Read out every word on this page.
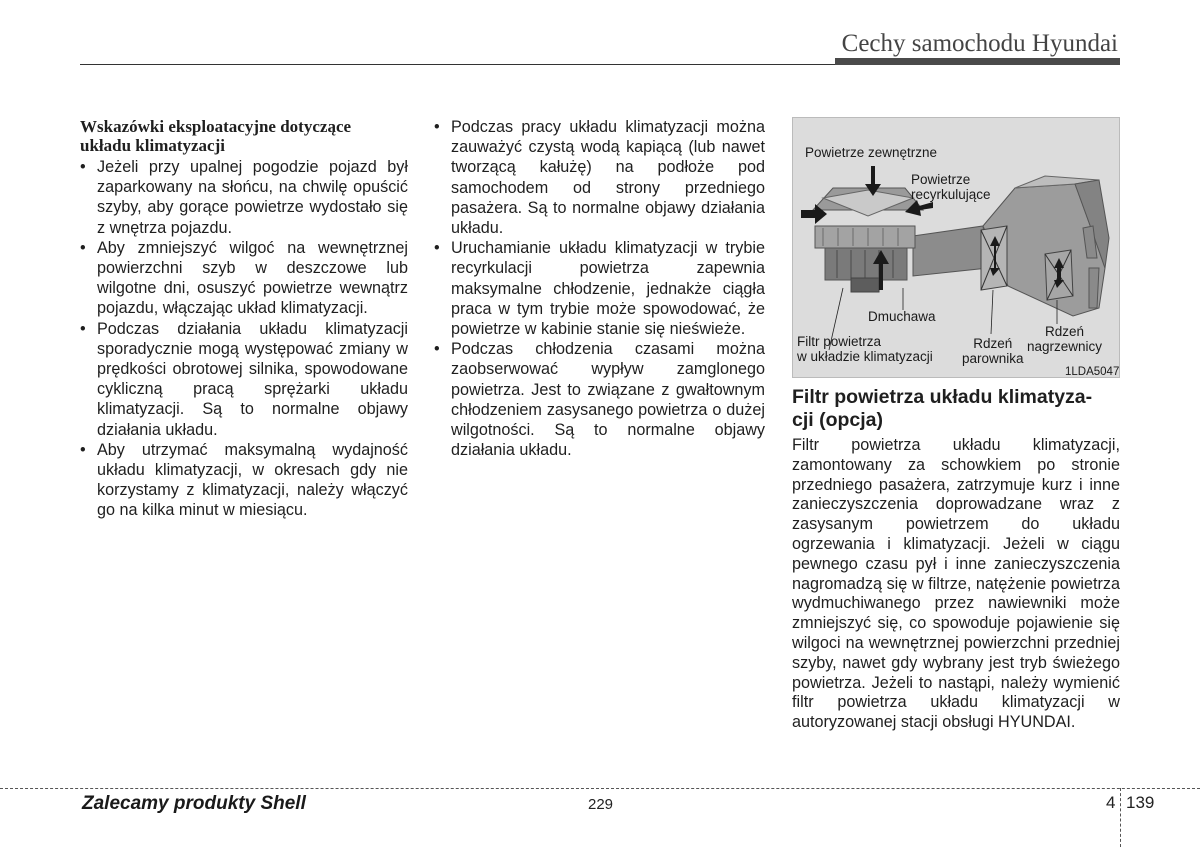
Cechy samochodu Hyundai
Wskazówki eksploatacyjne dotyczące
układu klimatyzacji
• Jeżeli przy upalnej pogodzie pojazd był zaparkowany na słońcu, na chwilę opuścić szyby, aby gorące powietrze wydostało się z wnętrza pojazdu.
• Aby zmniejszyć wilgoć na wewnętrznej powierzchni szyb w deszczowe lub wilgotne dni, osuszyć powietrze wewnątrz pojazdu, włączając układ klimatyzacji.
• Podczas działania układu klimatyzacji sporadycznie mogą występować zmiany w prędkości obrotowej silnika, spowodowane cykliczną pracą sprężarki układu klimatyzacji. Są to normalne objawy działania układu.
• Aby utrzymać maksymalną wydajność układu klimatyzacji, w okresach gdy nie korzystamy z klimatyzacji, należy włączyć go na kilka minut w miesiącu.
• Podczas pracy układu klimatyzacji można zauważyć czystą wodą kapiącą (lub nawet tworzącą kałużę) na podłoże pod samochodem od strony przedniego pasażera. Są to normalne objawy działania układu.
• Uruchamianie układu klimatyzacji w trybie recyrkulacji powietrza zapewnia maksymalne chłodzenie, jednakże ciągła praca w tym trybie może spowodować, że powietrze w kabinie stanie się nieświeże.
• Podczas chłodzenia czasami można zaobserwować wypływ zamglonego powietrza. Jest to związane z gwałtownym chłodzeniem zasysanego powietrza o dużej wilgotności. Są to normalne objawy działania układu.
Powietrze zewnętrzne
Powietrze
recyrkulujące
Dmuchawa
Filtr powietrza
w układzie klimatyzacji
Rdzeń
parownika
Rdzeń
nagrzewnicy
1LDA5047
Filtr powietrza układu klimatyza-
cji (opcja)
Filtr powietrza układu klimatyzacji, zamontowany za schowkiem po stronie przedniego pasażera, zatrzymuje kurz i inne zanieczyszczenia doprowadzane wraz z zasysanym powietrzem do układu ogrzewania i klimatyzacji. Jeżeli w ciągu pewnego czasu pył i inne zanieczyszczenia nagromadzą się w filtrze, natężenie powietrza wydmuchiwanego przez nawiewniki może zmniejszyć się, co spowoduje pojawienie się wilgoci na wewnętrznej powierzchni przedniej szyby, nawet gdy wybrany jest tryb świeżego powietrza. Jeżeli to nastąpi, należy wymienić filtr powietrza układu klimatyzacji w autoryzowanej stacji obsługi HYUNDAI.
Zalecamy produkty Shell	229	4 139
